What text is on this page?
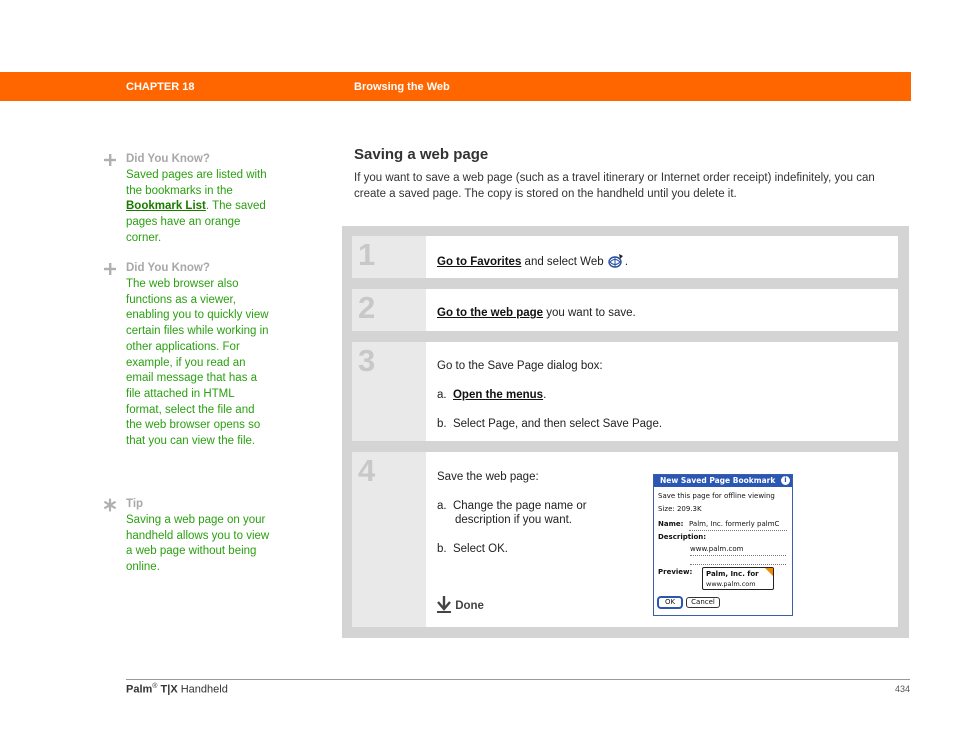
CHAPTER 18	Browsing the Web
Did You Know?
Saved pages are listed with the bookmarks in the Bookmark List. The saved pages have an orange corner.
Did You Know?
The web browser also functions as a viewer, enabling you to quickly view certain files while working in other applications. For example, if you read an email message that has a file attached in HTML format, select the file and the web browser opens so that you can view the file.
Tip
Saving a web page on your handheld allows you to view a web page without being online.
Saving a web page

If you want to save a web page (such as a travel itinerary or Internet order receipt) indefinitely, you can create a saved page. The copy is stored on the handheld until you delete it.

1	Go to Favorites and select Web .
2	Go to the web page you want to save.
3	Go to the Save Page dialog box:
a. Open the menus.
b. Select Page, and then select Save Page.
4	Save the web page:
a. Change the page name or
description if you want.
b. Select OK.
Done
New Saved Page Bookmark	i
Save this page for offline viewing
Size: 209.3K
Name: Palm, Inc. formerly palmC
Description:
www.palm.com
Preview: Palm, Inc. for
www.palm.com
OK	Cancel
Palm® T|X Handheld	434
